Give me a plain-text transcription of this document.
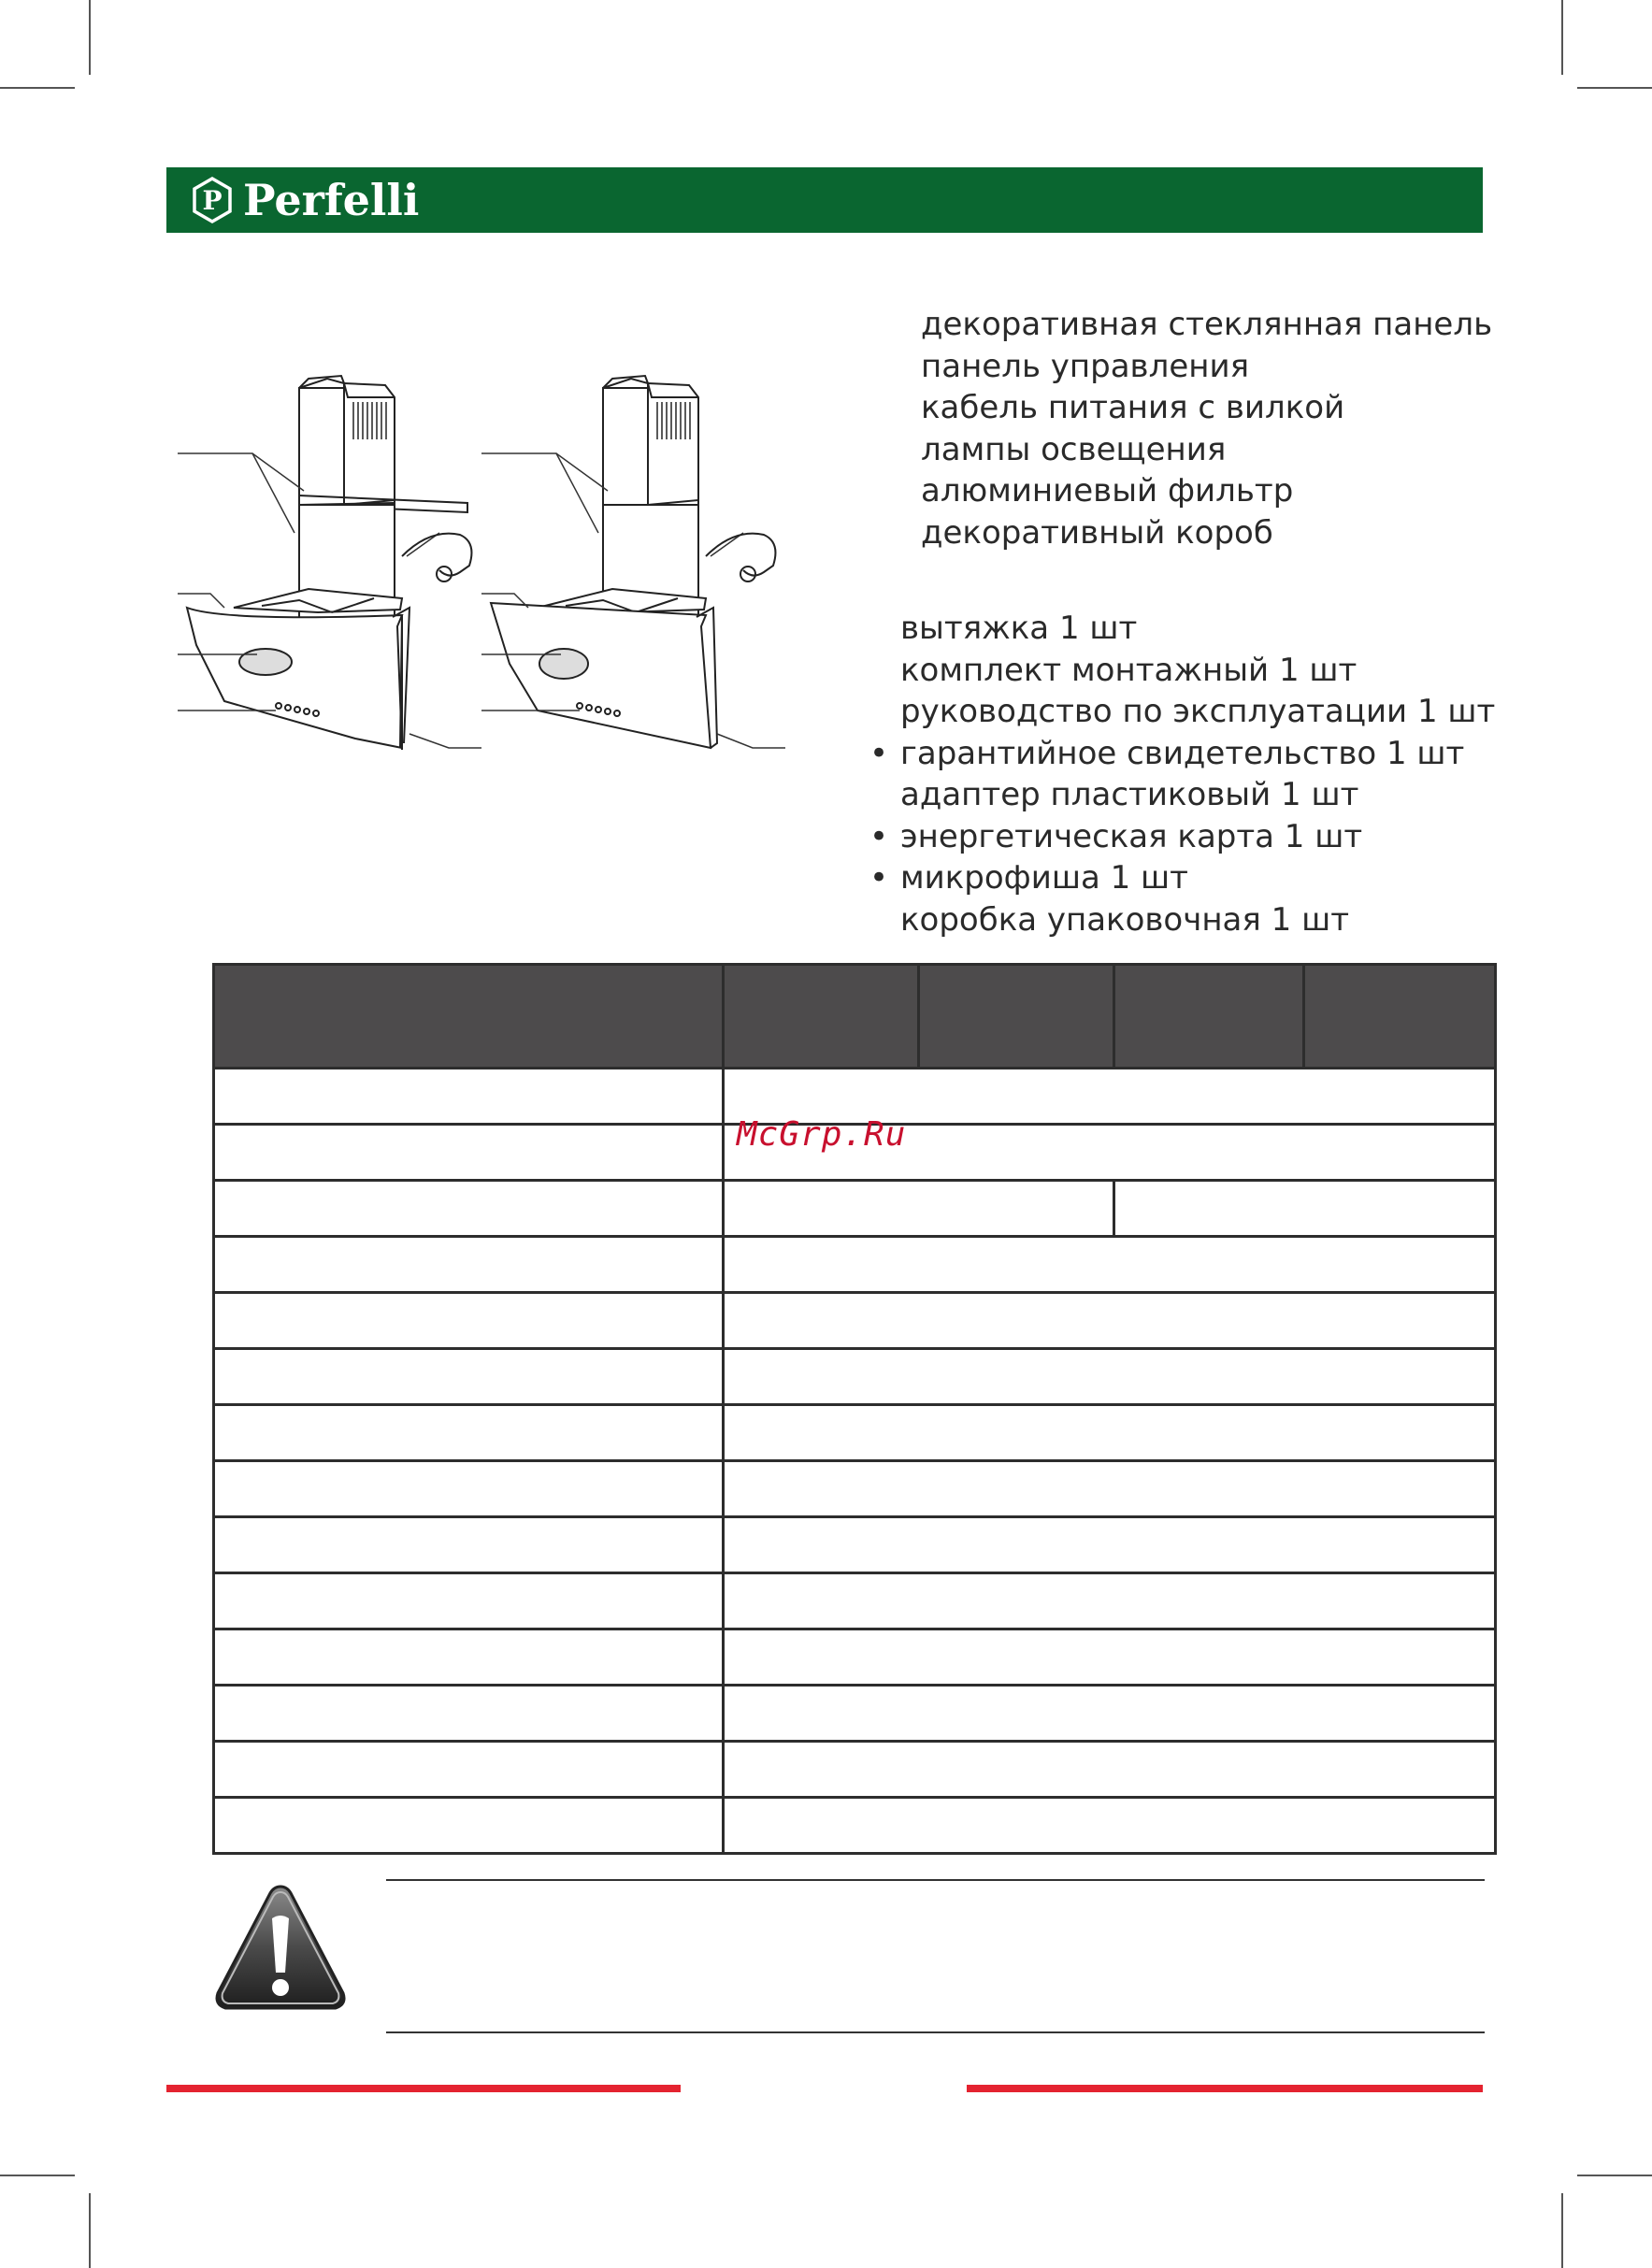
P Perfelli
декоративная стеклянная панель
панель управления
кабель питания с вилкой
лампы освещения
алюминиевый фильтр
декоративный короб
вытяжка 1 шт
комплект монтажный 1 шт
руководство по эксплуатации 1 шт
• гарантийное свидетельство 1 шт
адаптер пластиковый 1 шт
• энергетическая карта 1 шт
• микрофиша 1 шт
коробка упаковочная 1 шт

McGrp.Ru
